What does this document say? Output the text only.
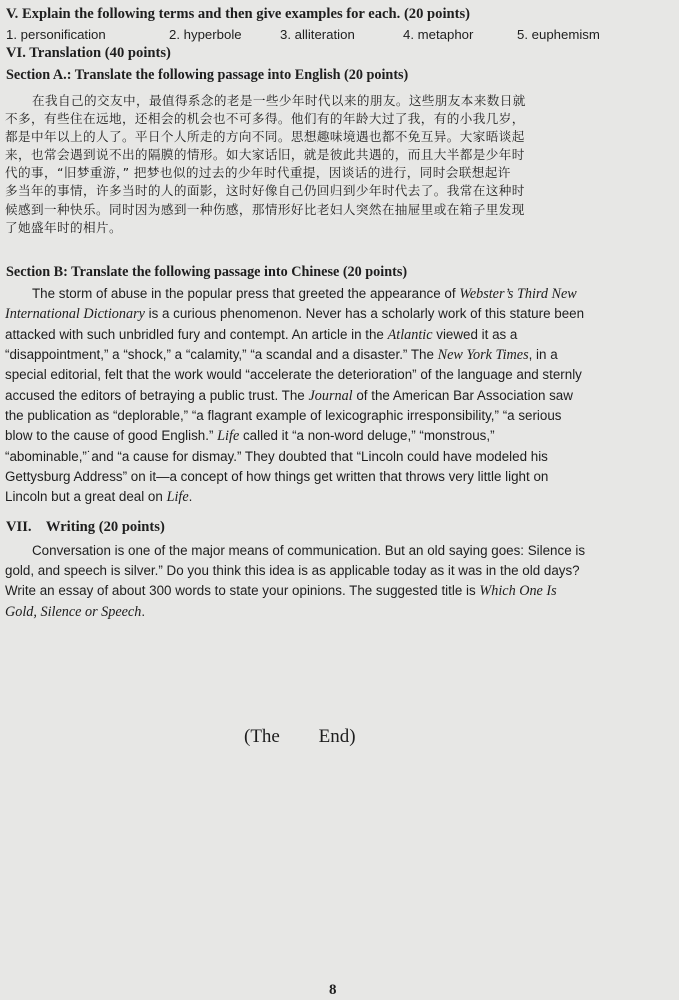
V. Explain the following terms and then give examples for each. (20 points)
1. personification	2. hyperbole	3. alliteration	4. metaphor	5. euphemism
VI. Translation (40 points)
Section A.: Translate the following passage into English (20 points)
在我自己的交友中，最值得系念的老是一些少年时代以来的朋友。这些朋友本来数日就
不多，有些住在远地，还相会的机会也不可多得。他们有的年龄大过了我，有的小我几岁，
都是中年以上的人了。平日个人所走的方向不同。思想趣味境遇也都不免互异。大家晤谈起
来，也常会遇到说不出的隔膜的情形。如大家话旧，就是彼此共遇的，而且大半都是少年时
代的事，“旧梦重游，” 把梦也似的过去的少年时代重提，因谈话的进行，同时会联想起许
多当年的事情，许多当时的人的面影，这时好像自己仍回归到少年时代去了。我常在这种时
候感到一种快乐。同时因为感到一种伤感，那情形好比老妇人突然在抽屉里或在箱子里发现
了她盛年时的相片。
Section B: Translate the following passage into Chinese (20 points)
The storm of abuse in the popular press that greeted the appearance of Webster’s Third New
International Dictionary is a curious phenomenon. Never has a scholarly work of this stature been
attacked with such unbridled fury and contempt. An article in the Atlantic viewed it as a
“disappointment,” a “shock,” a “calamity,” “a scandal and a disaster.” The New York Times, in a
special editorial, felt that the work would “accelerate the deterioration” of the language and sternly
accused the editors of betraying a public trust. The Journal of the American Bar Association saw
the publication as “deplorable,” “a flagrant example of lexicographic irresponsibility,” “a serious
blow to the cause of good English.” Life called it “a non-word deluge,” “monstrous,”
“abominable,”˙and “a cause for dismay.” They doubted that “Lincoln could have modeled his
Gettysburg Address” on it—a concept of how things get written that throws very little light on
Lincoln but a great deal on Life.
VII.    Writing (20 points)
Conversation is one of the major means of communication. But an old saying goes: Silence is
gold, and speech is silver.” Do you think this idea is as applicable today as it was in the old days?
Write an essay of about 300 words to state your opinions. The suggested title is Which One Is
Gold, Silence or Speech.
(The End)
8
